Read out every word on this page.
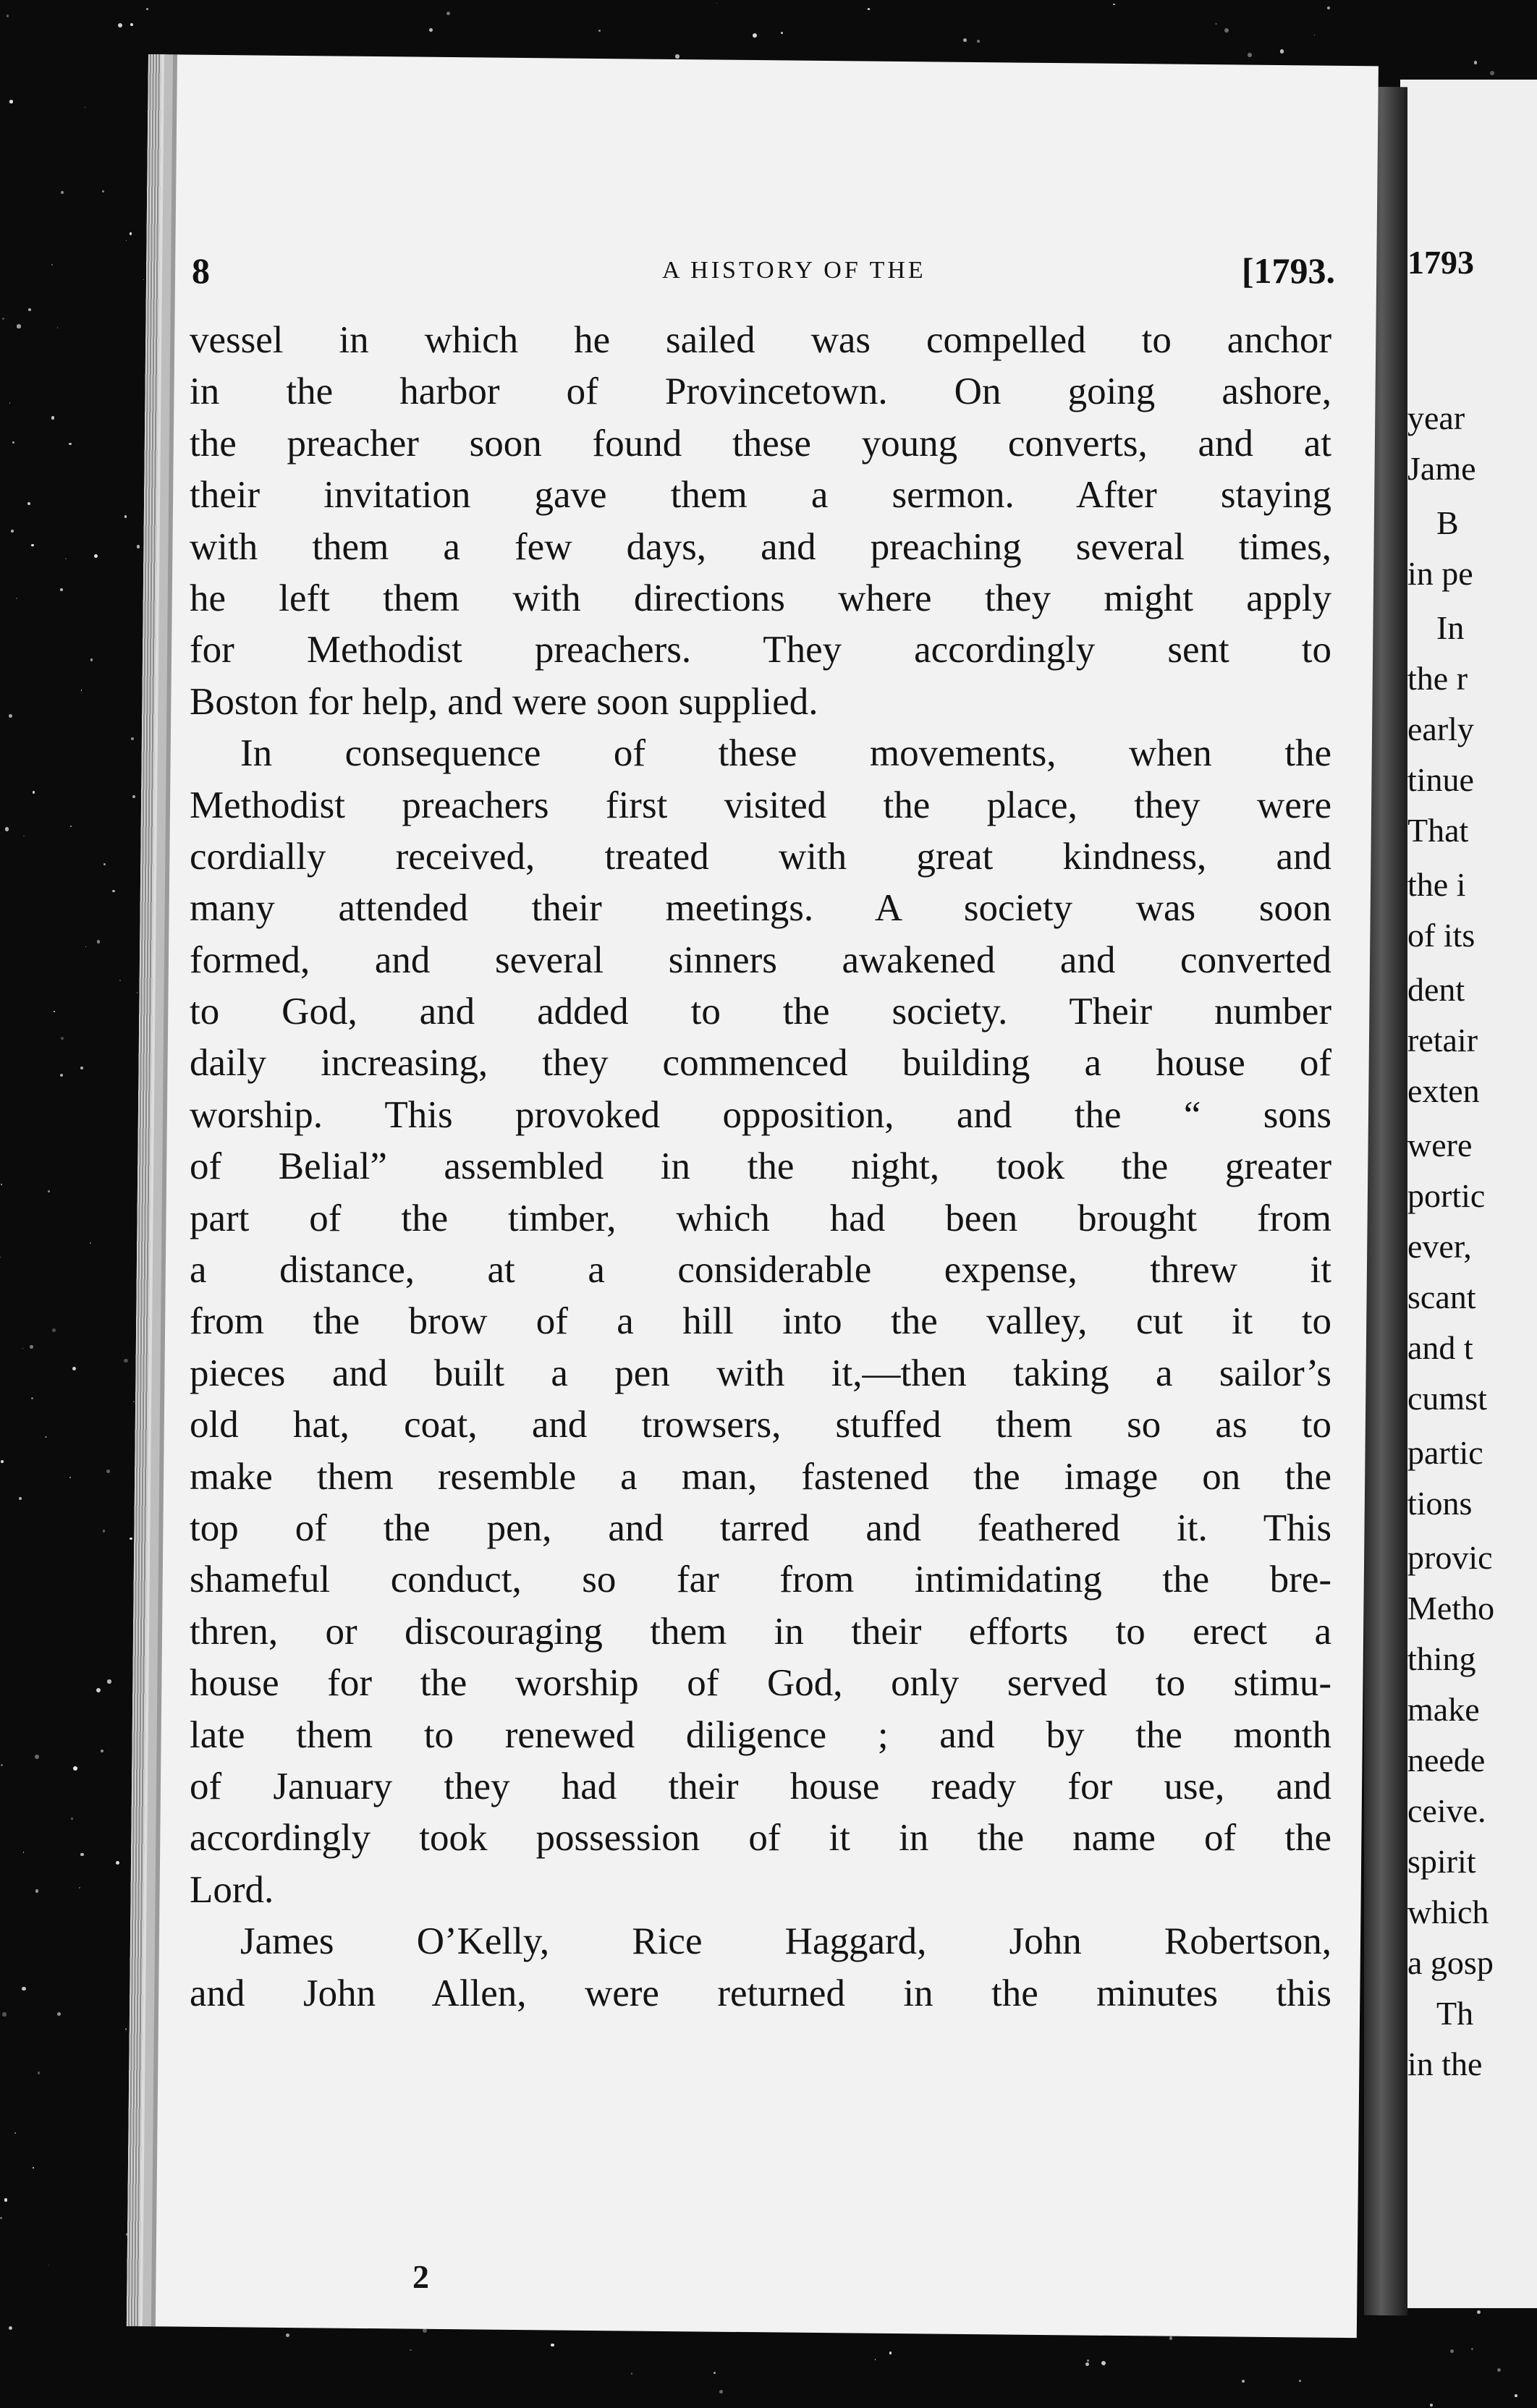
1793
year
Jame
B
in pe
In
the r
early
tinue
That
the i
of its
dent
retair
exten
were
portic
ever,
scant
and t
cumst
partic
tions
provic
Metho
thing
make
neede
ceive.
spirit
which
a gosp
Th
in the
8	A HISTORY OF THE	[1793.
vessel in which he sailed was compelled to anchor
in the harbor of Provincetown. On going ashore,
the preacher soon found these young converts, and at
their invitation gave them a sermon. After staying
with them a few days, and preaching several times,
he left them with directions where they might apply
for Methodist preachers. They accordingly sent to
Boston for help, and were soon supplied.
In consequence of these movements, when the
Methodist preachers first visited the place, they were
cordially received, treated with great kindness, and
many attended their meetings. A society was soon
formed, and several sinners awakened and converted
to God, and added to the society. Their number
daily increasing, they commenced building a house of
worship. This provoked opposition, and the “ sons
of Belial” assembled in the night, took the greater
part of the timber, which had been brought from
a distance, at a considerable expense, threw it
from the brow of a hill into the valley, cut it to
pieces and built a pen with it,—then taking a sailor’s
old hat, coat, and trowsers, stuffed them so as to
make them resemble a man, fastened the image on the
top of the pen, and tarred and feathered it. This
shameful conduct, so far from intimidating the bre-
thren, or discouraging them in their efforts to erect a
house for the worship of God, only served to stimu-
late them to renewed diligence ; and by the month
of January they had their house ready for use, and
accordingly took possession of it in the name of the
Lord.
James O’Kelly, Rice Haggard, John Robertson,
and John Allen, were returned in the minutes this
2
